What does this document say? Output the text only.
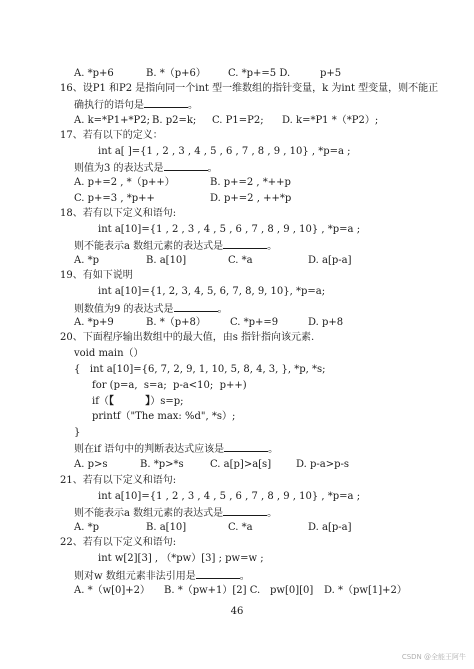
A. *p+6	B. *（p+6） C. *p+=5 D.	p+5
16、设P1 和P2 是指向同一个int 型一维数组的指针变量，k 为int 型变量，则不能正
确执行的语句是	。
A. k=*P1+*P2; B. p2=k; C. P1=P2; D. k=*P1 *（*P2）;
17、若有以下的定义：
int a[ ]={1 , 2 , 3 , 4 , 5 , 6 , 7 , 8 , 9 , 10} , *p=a ;
则值为3 的表达式是	。
A. p+=2 , *（p++）	B. p+=2 , *++p
C. p+=3 , *p++	D. p+=2 , ++*p
18、若有以下定义和语句:
int a[10]={1 , 2 , 3 , 4 , 5 , 6 , 7 , 8 , 9 , 10} , *p=a ;
则不能表示a 数组元素的表达式是	。
A. *p	B. a[10]	C. *a	D. a[p-a]
19、有如下说明
int a[10]={1, 2, 3, 4, 5, 6, 7, 8, 9, 10}, *p=a;
则数值为9 的表达式是	。
A. *p+9	B. *（p+8） C. *p+=9	D. p+8
20、下面程序输出数组中的最大值，由s 指针指向该元素.
void main（）
{   int a[10]={6, 7, 2, 9, 1, 10, 5, 8, 4, 3, }, *p, *s;
for (p=a,  s=a;  p-a<10;  p++)
if（【         】）s=p;
printf（"The max: %d", *s）;
}
则在if 语句中的判断表达式应该是	。
A. p>s	B. *p>*s	C. a[p]>a[s] D. p-a>p-s
21、若有以下定义和语句:
int a[10]={1 , 2 , 3 , 4 , 5 , 6 , 7 , 8 , 9 , 10} , *p=a ;
则不能表示a 数组元素的表达式是	。
A. *p	B. a[10]	C. *a	D. a[p-a]
22、若有以下定义和语句:
int w[2][3] , （*pw）[3] ; pw=w ;
则对w 数组元素非法引用是	。
A. *（w[0]+2） B. *（pw+1）[2] C. pw[0][0] D. *（pw[1]+2）
46
CSDN @全能王阿牛
